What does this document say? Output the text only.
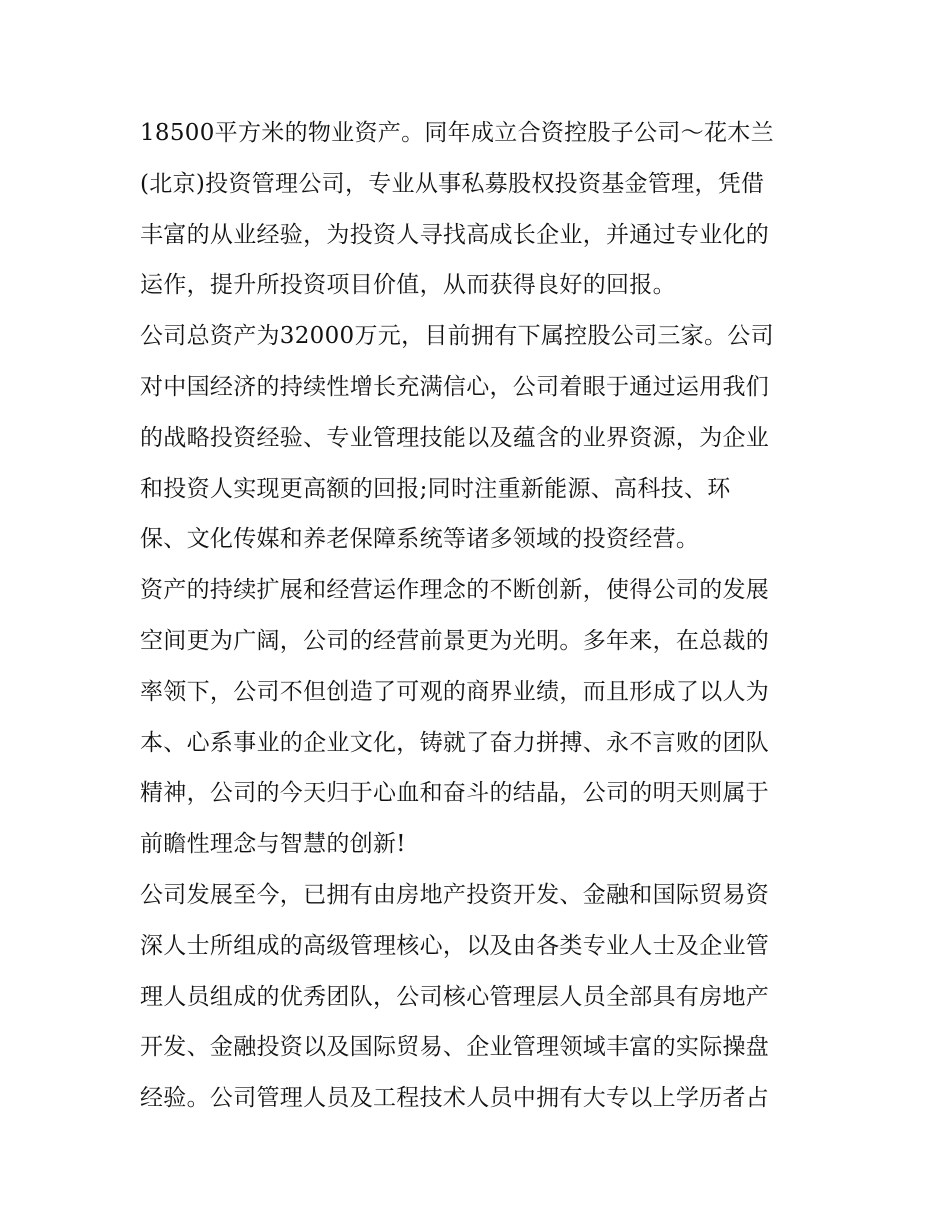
18500平方米的物业资产。同年成立合资控股子公司～花木兰
(北京)投资管理公司，专业从事私募股权投资基金管理，凭借
丰富的从业经验，为投资人寻找高成长企业，并通过专业化的
运作，提升所投资项目价值，从而获得良好的回报。
公司总资产为32000万元，目前拥有下属控股公司三家。公司
对中国经济的持续性增长充满信心，公司着眼于通过运用我们
的战略投资经验、专业管理技能以及蕴含的业界资源，为企业
和投资人实现更高额的回报;同时注重新能源、高科技、环
保、文化传媒和养老保障系统等诸多领域的投资经营。
资产的持续扩展和经营运作理念的不断创新，使得公司的发展
空间更为广阔，公司的经营前景更为光明。多年来，在总裁的
率领下，公司不但创造了可观的商界业绩，而且形成了以人为
本、心系事业的企业文化，铸就了奋力拼搏、永不言败的团队
精神，公司的今天归于心血和奋斗的结晶，公司的明天则属于
前瞻性理念与智慧的创新!
公司发展至今，已拥有由房地产投资开发、金融和国际贸易资
深人士所组成的高级管理核心，以及由各类专业人士及企业管
理人员组成的优秀团队，公司核心管理层人员全部具有房地产
开发、金融投资以及国际贸易、企业管理领域丰富的实际操盘
经验。公司管理人员及工程技术人员中拥有大专以上学历者占
